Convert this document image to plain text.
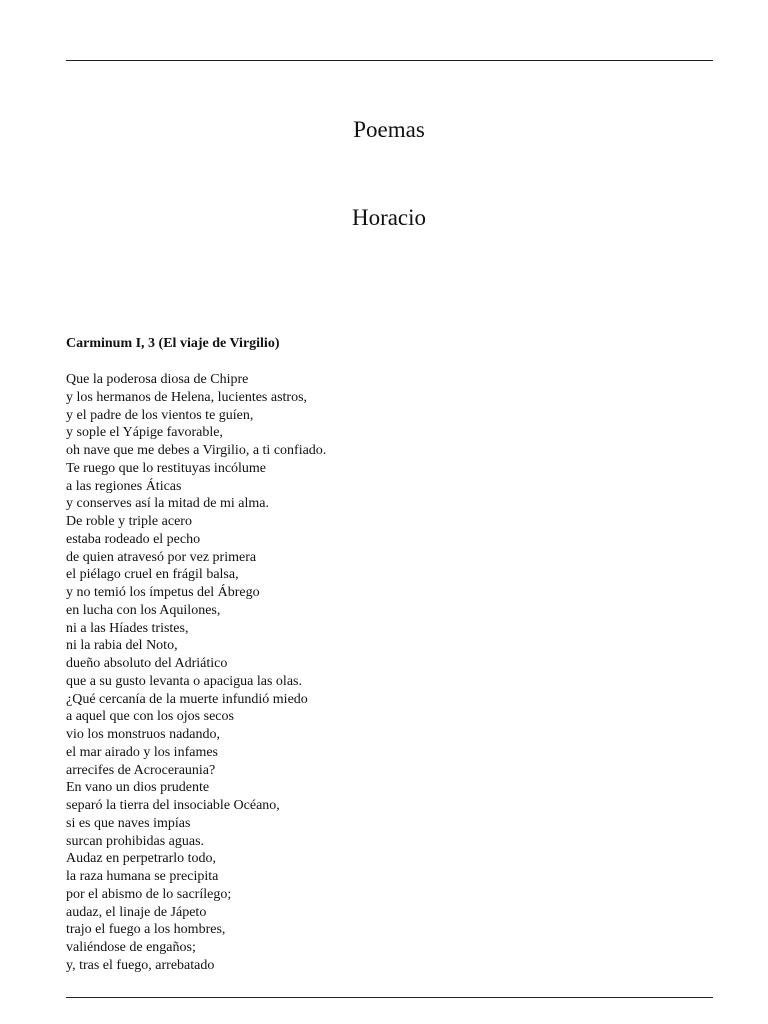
Poemas
Horacio
Carminum I, 3 (El viaje de Virgilio)
Que la poderosa diosa de Chipre
y los hermanos de Helena, lucientes astros,
y el padre de los vientos te guíen,
y sople el Yápige favorable,
oh nave que me debes a Virgilio, a ti confiado.
Te ruego que lo restituyas incólume
a las regiones Áticas
y conserves así la mitad de mi alma.
De roble y triple acero
estaba rodeado el pecho
de quien atravesó por vez primera
el piélago cruel en frágil balsa,
y no temió los ímpetus del Ábrego
en lucha con los Aquilones,
ni a las Híades tristes,
ni la rabia del Noto,
dueño absoluto del Adriático
que a su gusto levanta o apacigua las olas.
¿Qué cercanía de la muerte infundió miedo
a aquel que con los ojos secos
vio los monstruos nadando,
el mar airado y los infames
arrecifes de Acroceraunia?
En vano un dios prudente
separó la tierra del insociable Océano,
si es que naves impías
surcan prohibidas aguas.
Audaz en perpetrarlo todo,
la raza humana se precipita
por el abismo de lo sacrílego;
audaz, el linaje de Jápeto
trajo el fuego a los hombres,
valiéndose de engaños;
y, tras el fuego, arrebatado
